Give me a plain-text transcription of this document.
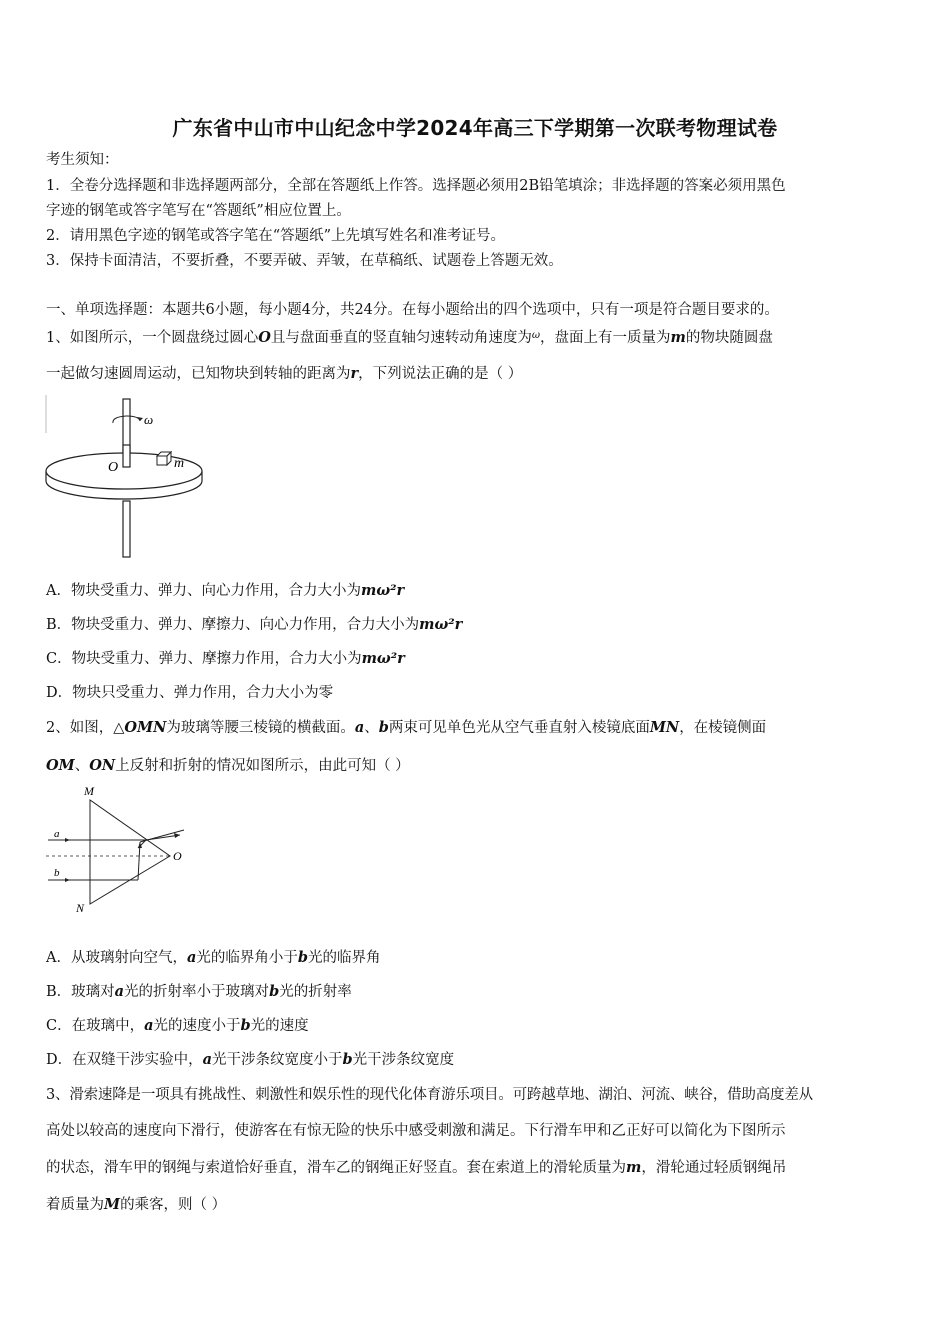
广东省中山市中山纪念中学2024年高三下学期第一次联考物理试卷
考生须知：
1．全卷分选择题和非选择题两部分，全部在答题纸上作答。选择题必须用2B铅笔填涂；非选择题的答案必须用黑色
字迹的钢笔或答字笔写在“答题纸”相应位置上。
2．请用黑色字迹的钢笔或答字笔在“答题纸”上先填写姓名和准考证号。
3．保持卡面清洁，不要折叠，不要弄破、弄皱，在草稿纸、试题卷上答题无效。
一、单项选择题：本题共6小题，每小题4分，共24分。在每小题给出的四个选项中，只有一项是符合题目要求的。
1、如图所示，一个圆盘绕过圆心O且与盘面垂直的竖直轴匀速转动角速度为$^\omega$，盘面上有一质量为m的物块随圆盘
一起做匀速圆周运动，已知物块到转轴的距离为r，下列说法正确的是（ ）
ω
O	m
A．物块受重力、弹力、向心力作用，合力大小为mω²r
B．物块受重力、弹力、摩擦力、向心力作用，合力大小为mω²r
C．物块受重力、弹力、摩擦力作用，合力大小为mω²r
D．物块只受重力、弹力作用，合力大小为零
2、如图，△OMN为玻璃等腰三棱镜的横截面。a、b两束可见单色光从空气垂直射入棱镜底面MN，在棱镜侧面
OM、ON上反射和折射的情况如图所示，由此可知（ ）
M
N
O
a
b
A．从玻璃射向空气，a光的临界角小于b光的临界角
B．玻璃对a光的折射率小于玻璃对b光的折射率
C．在玻璃中，a光的速度小于b光的速度
D．在双缝干涉实验中，a光干涉条纹宽度小于b光干涉条纹宽度
3、滑索速降是一项具有挑战性、刺激性和娱乐性的现代化体育游乐项目。可跨越草地、湖泊、河流、峡谷，借助高度差从
高处以较高的速度向下滑行，使游客在有惊无险的快乐中感受刺激和满足。下行滑车甲和乙正好可以简化为下图所示
的状态，滑车甲的钢绳与索道恰好垂直，滑车乙的钢绳正好竖直。套在索道上的滑轮质量为m，滑轮通过轻质钢绳吊
着质量为M的乘客，则（ ）
